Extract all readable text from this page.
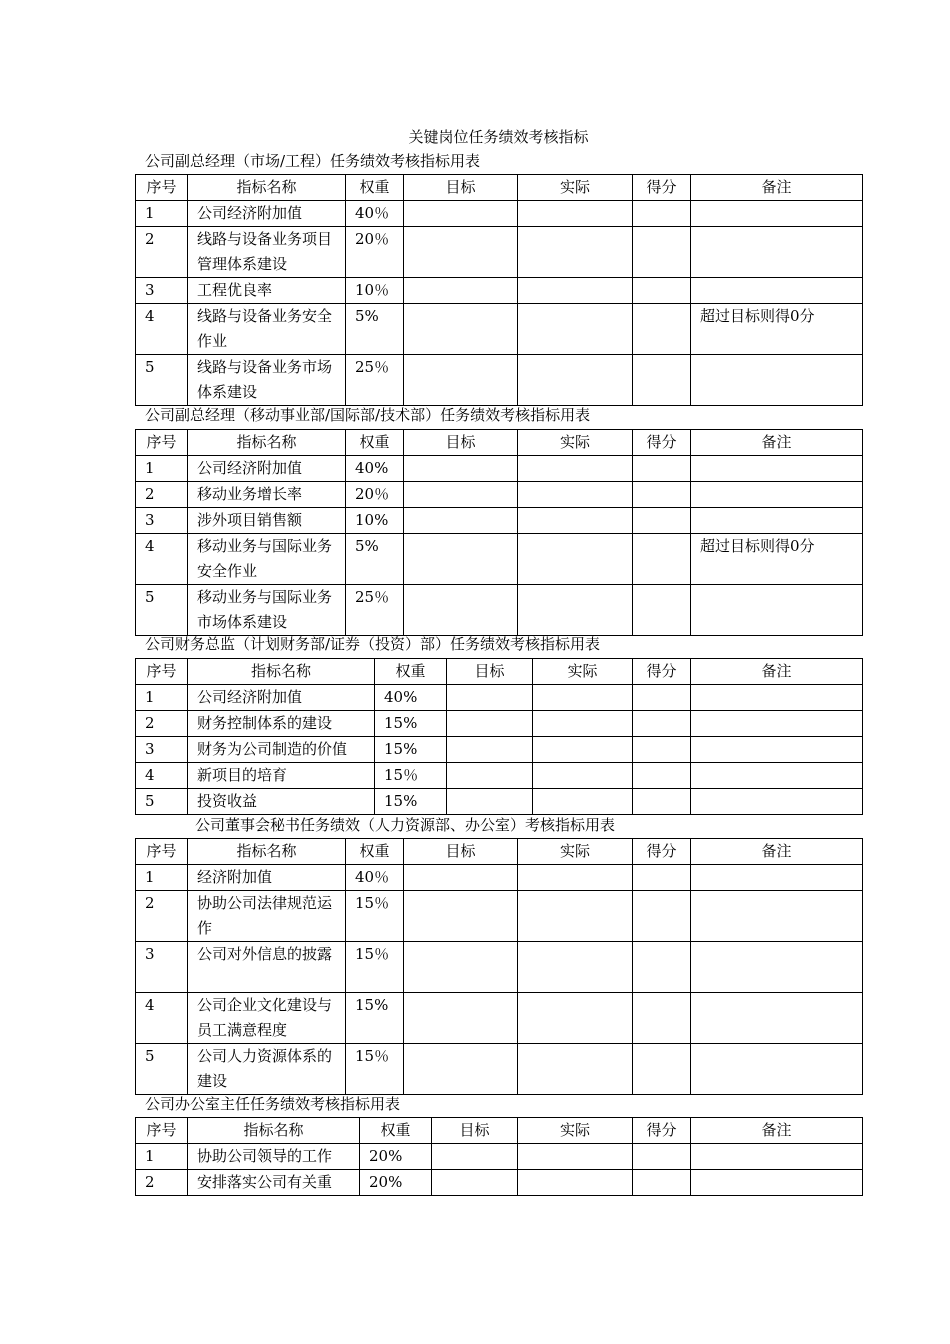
关键岗位任务绩效考核指标
公司副总经理（市场/工程）任务绩效考核指标用表
序号	指标名称	权重	目标	实际	得分	备注
1	公司经济附加值	40％				
2	线路与设备业务项目管理体系建设	20％				
3	工程优良率	10％				
4	线路与设备业务安全作业	5%				超过目标则得0分
5	线路与设备业务市场体系建设	25％				
公司副总经理（移动事业部/国际部/技术部）任务绩效考核指标用表
序号	指标名称	权重	目标	实际	得分	备注
1	公司经济附加值	40%				
2	移动业务增长率	20％				
3	涉外项目销售额	10%				
4	移动业务与国际业务安全作业	5%				超过目标则得0分
5	移动业务与国际业务市场体系建设	25％				
公司财务总监（计划财务部/证券（投资）部）任务绩效考核指标用表
序号	指标名称	权重	目标	实际	得分	备注
1	公司经济附加值	40%				
2	财务控制体系的建设	15%				
3	财务为公司制造的价值	15%				
4	新项目的培育	15％				
5	投资收益	15%				
公司董事会秘书任务绩效（人力资源部、办公室）考核指标用表
序号	指标名称	权重	目标	实际	得分	备注
1	经济附加值	40％				
2	协助公司法律规范运作	15％				
3	公司对外信息的披露	15％				
4	公司企业文化建设与员工满意程度	15%				
5	公司人力资源体系的建设	15％				
公司办公室主任任务绩效考核指标用表
序号	指标名称	权重	目标	实际	得分	备注
1	协助公司领导的工作	20%				
2	安排落实公司有关重	20%				
